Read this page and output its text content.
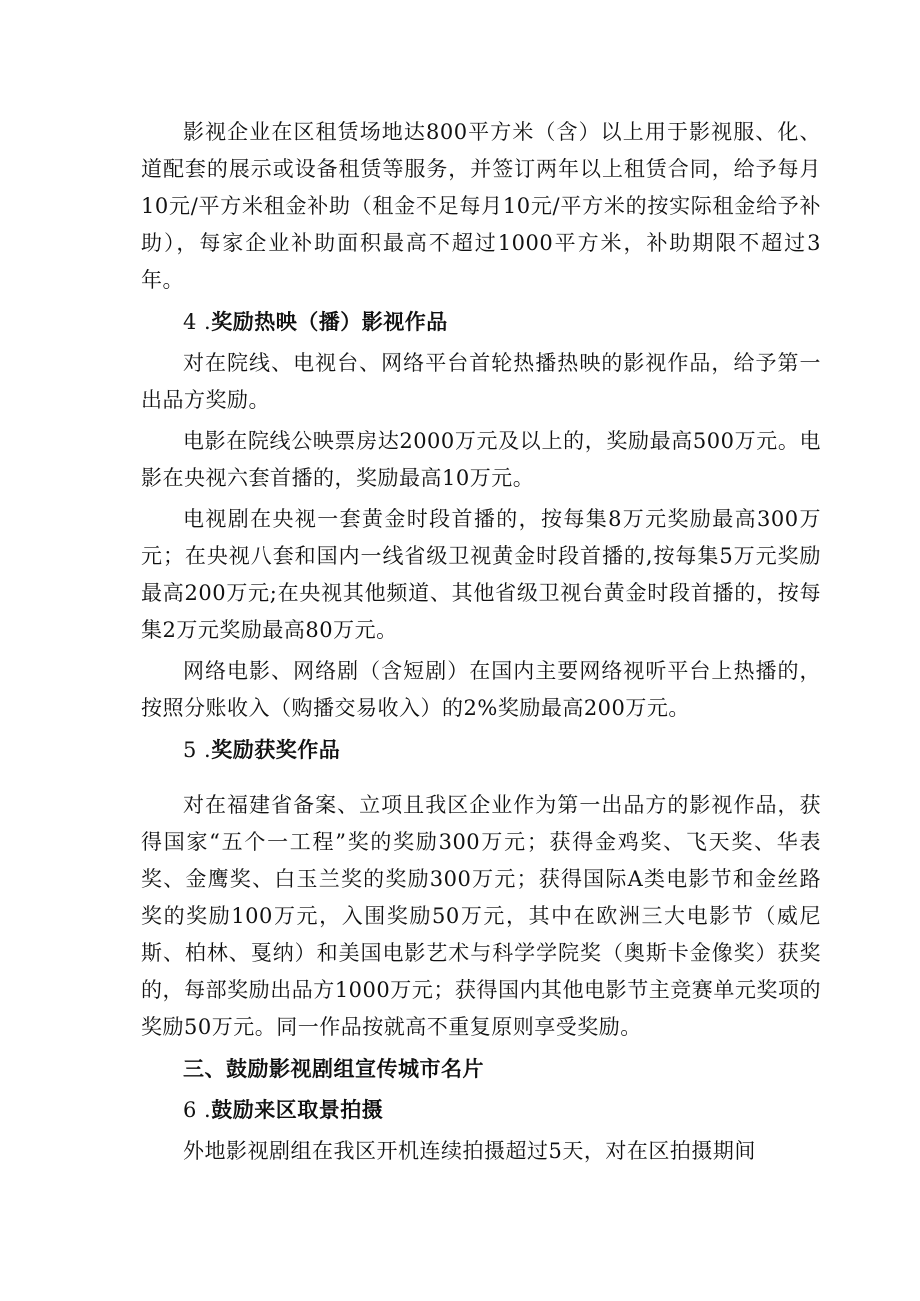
影视企业在区租赁场地达800平方米（含）以上用于影视服、化、道配套的展示或设备租赁等服务，并签订两年以上租赁合同，给予每月10元/平方米租金补助（租金不足每月10元/平方米的按实际租金给予补助），每家企业补助面积最高不超过1000平方米，补助期限不超过3年。

4 .奖励热映（播）影视作品

对在院线、电视台、网络平台首轮热播热映的影视作品，给予第一出品方奖励。

电影在院线公映票房达2000万元及以上的，奖励最高500万元。电影在央视六套首播的，奖励最高10万元。

电视剧在央视一套黄金时段首播的，按每集8万元奖励最高300万元；在央视八套和国内一线省级卫视黄金时段首播的,按每集5万元奖励最高200万元;在央视其他频道、其他省级卫视台黄金时段首播的，按每集2万元奖励最高80万元。

网络电影、网络剧（含短剧）在国内主要网络视听平台上热播的，按照分账收入（购播交易收入）的2%奖励最高200万元。

5 .奖励获奖作品

对在福建省备案、立项且我区企业作为第一出品方的影视作品，获得国家“五个一工程”奖的奖励300万元；获得金鸡奖、飞天奖、华表奖、金鹰奖、白玉兰奖的奖励300万元；获得国际A类电影节和金丝路奖的奖励100万元，入围奖励50万元，其中在欧洲三大电影节（威尼斯、柏林、戛纳）和美国电影艺术与科学学院奖（奥斯卡金像奖）获奖的，每部奖励出品方1000万元；获得国内其他电影节主竞赛单元奖项的奖励50万元。同一作品按就高不重复原则享受奖励。

三、鼓励影视剧组宣传城市名片

6 .鼓励来区取景拍摄

外地影视剧组在我区开机连续拍摄超过5天，对在区拍摄期间
